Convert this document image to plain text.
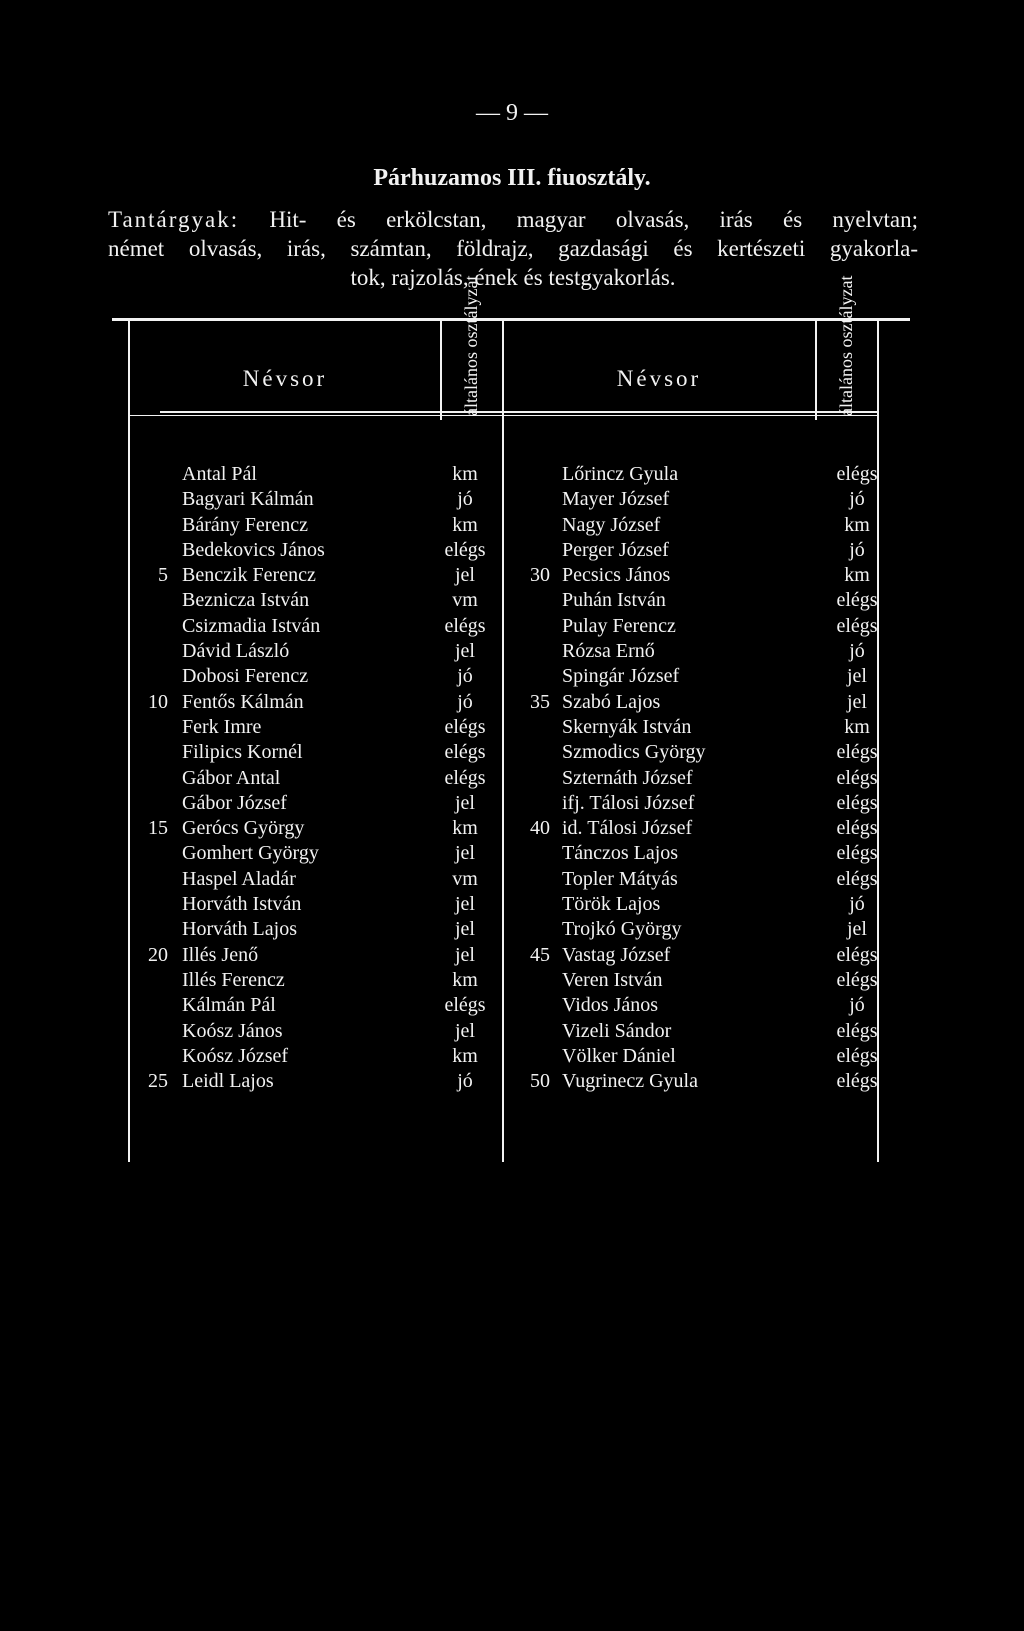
— 9 —
Párhuzamos III. fiuosztály.
Tantárgyak: Hit- és erkölcstan, magyar olvasás, irás és nyelvtan;
német olvasás, irás, számtan, földrajz, gazdasági és kertészeti gyakorla-
tok, rajzolás, ének és testgyakorlás.
Névsor	általános osztályzat	Névsor	általános osztályzat
Antal Pál	km	Lőrincz Gyula	elégs
Bagyari Kálmán	jó	Mayer József	jó
Bárány Ferencz	km	Nagy József	km
Bedekovics János	elégs	Perger József	jó
5 Benczik Ferencz	jel	30 Pecsics János	km
Beznicza István	vm	Puhán István	elégs
Csizmadia István	elégs	Pulay Ferencz	elégs
Dávid László	jel	Rózsa Ernő	jó
Dobosi Ferencz	jó	Spingár József	jel
10 Fentős Kálmán	jó	35 Szabó Lajos	jel
Ferk Imre	elégs	Skernyák István	km
Filipics Kornél	elégs	Szmodics György	elégs
Gábor Antal	elégs	Szternáth József	elégs
Gábor József	jel	ifj. Tálosi József	elégs
15 Gerócs György	km	40 id. Tálosi József	elégs
Gomhert György	jel	Tánczos Lajos	elégs
Haspel Aladár	vm	Topler Mátyás	elégs
Horváth István	jel	Török Lajos	jó
Horváth Lajos	jel	Trojkó György	jel
20 Illés Jenő	jel	45 Vastag József	elégs
Illés Ferencz	km	Veren István	elégs
Kálmán Pál	elégs	Vidos János	jó
Koósz János	jel	Vizeli Sándor	elégs
Koósz József	km	Völker Dániel	elégs
25 Leidl Lajos	jó	50 Vugrinecz Gyula	elégs
